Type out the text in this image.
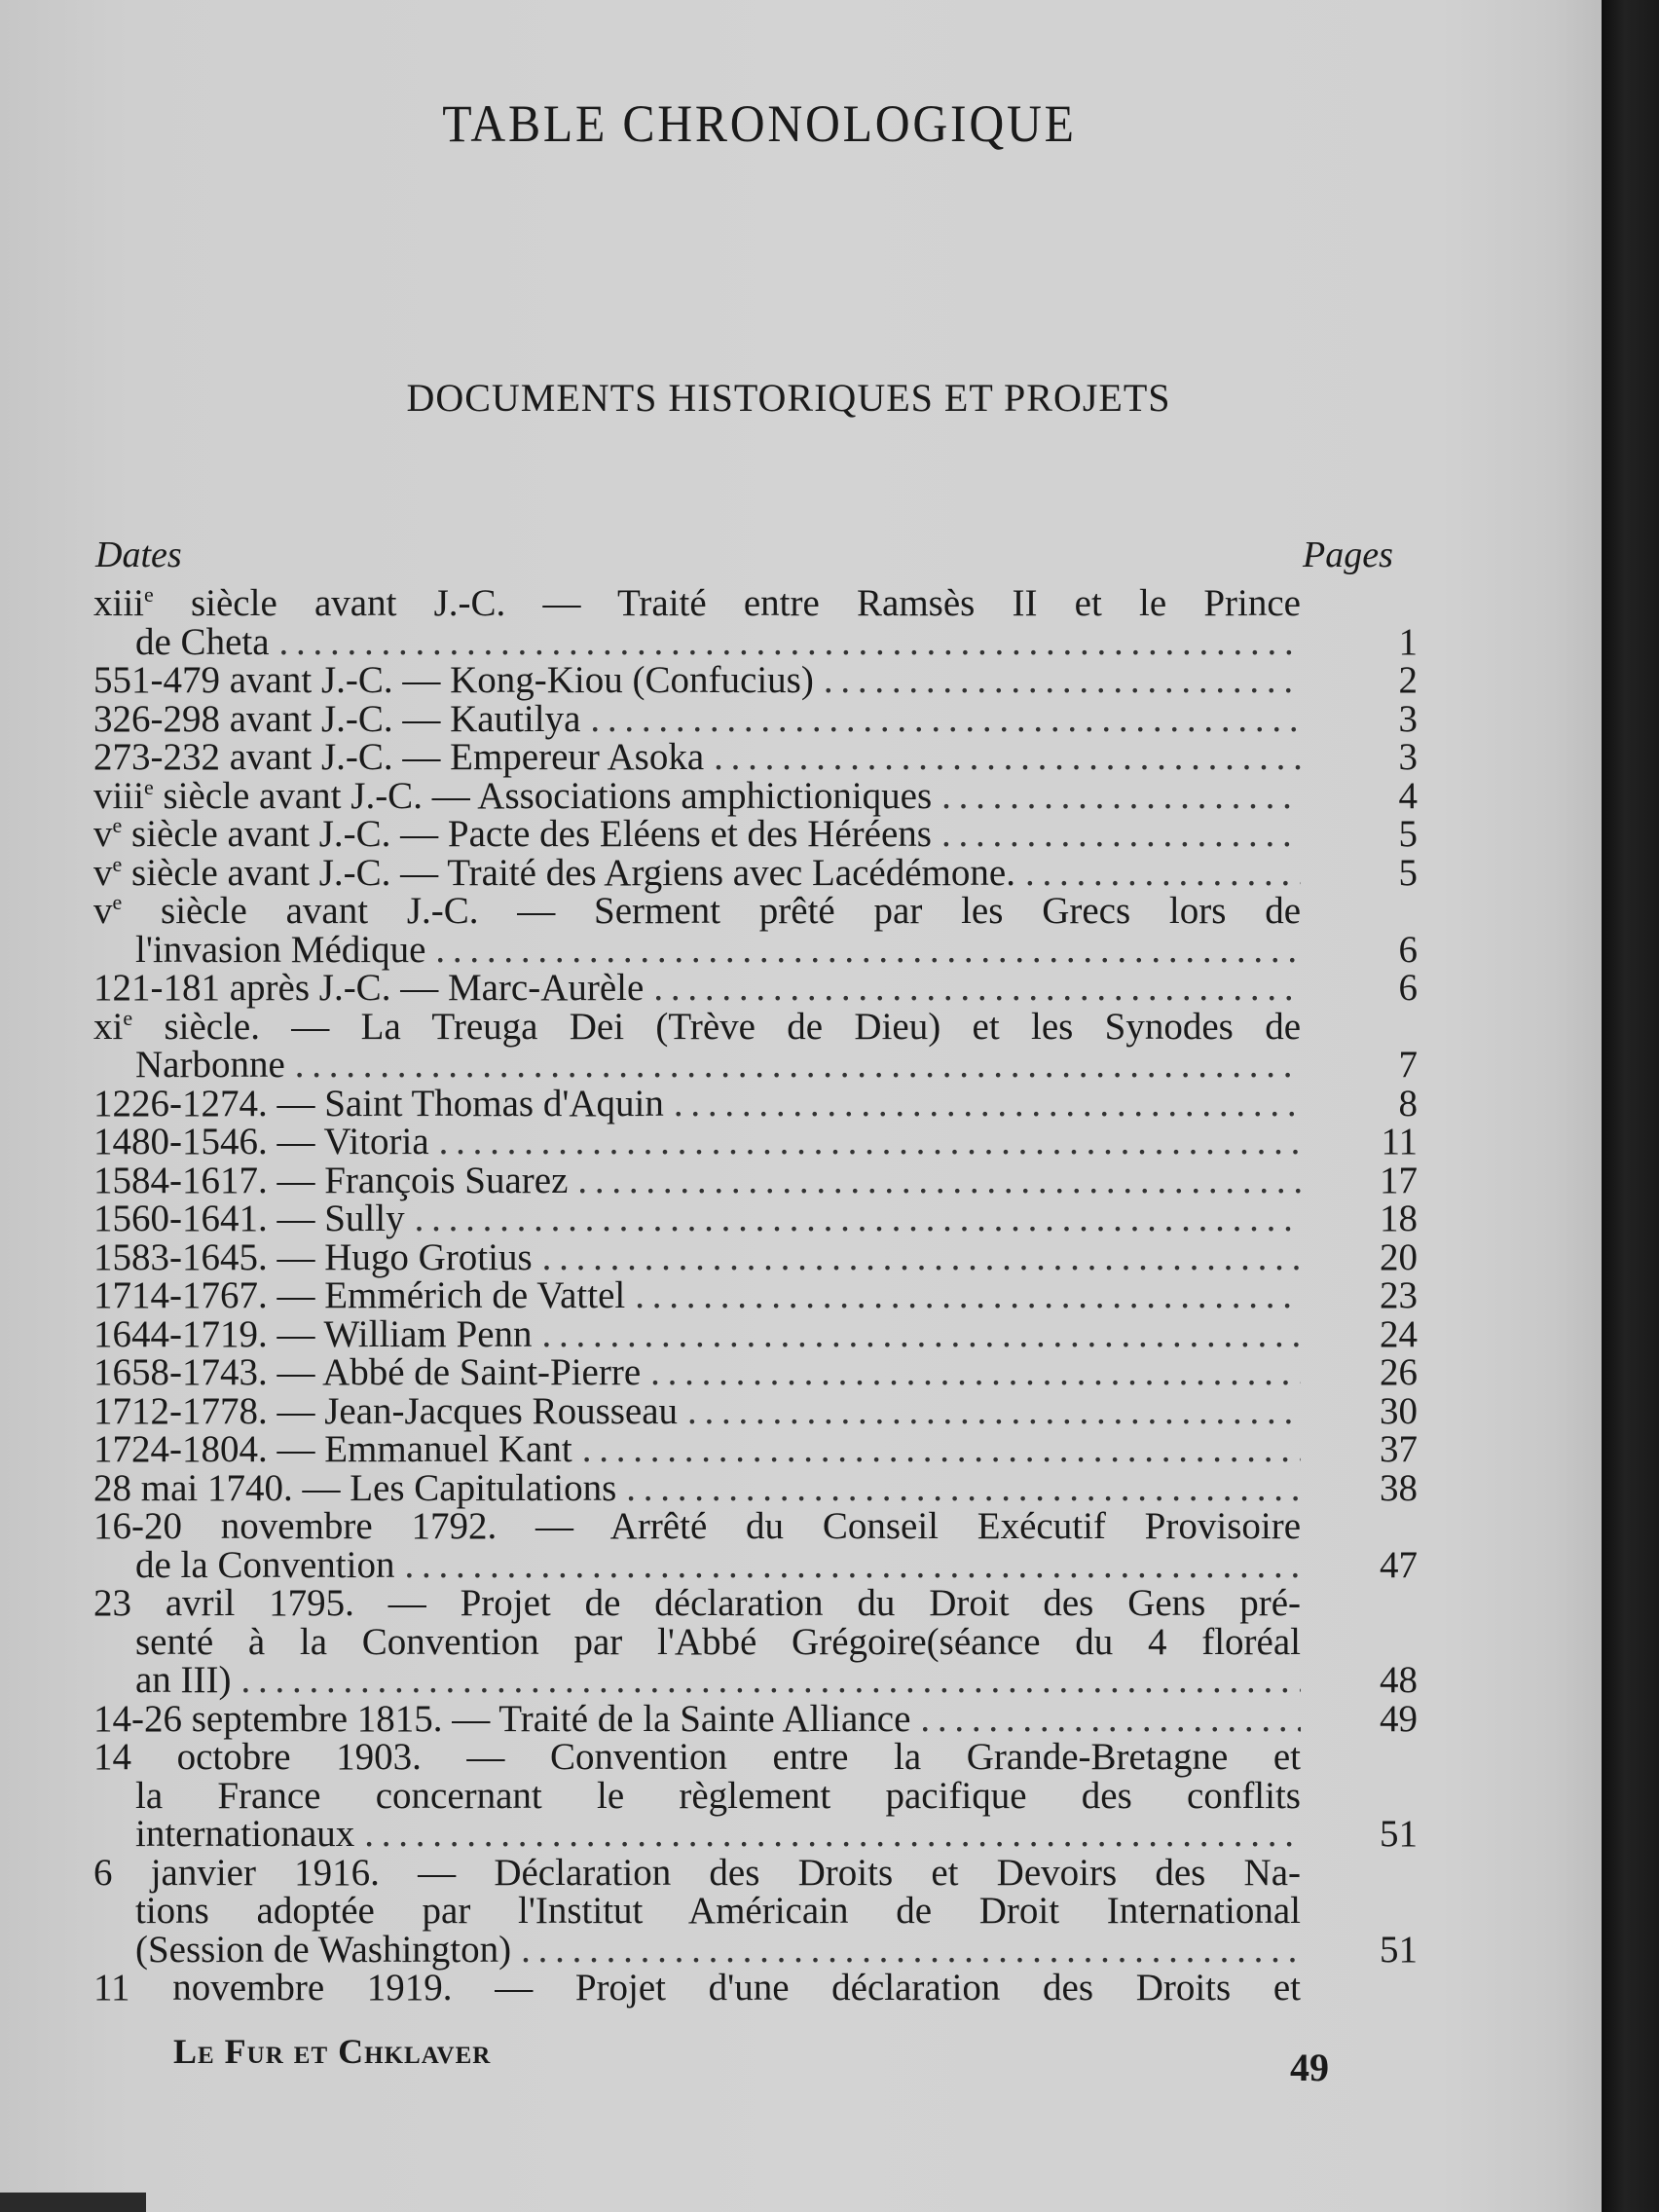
TABLE CHRONOLOGIQUE
DOCUMENTS HISTORIQUES ET PROJETS
Dates	Pages
xiii$^e$ siècle avant J.-C. — Traité entre Ramsès II et le Prince
de Cheta . . .	1
551-479 avant J.-C. — Kong-Kiou (Confucius) . . .	2
326-298 avant J.-C. — Kautilya . . .	3
273-232 avant J.-C. — Empereur Asoka . . .	3
viii$^e$ siècle avant J.-C. — Associations amphictioniques . . .	4
$v^e$ siècle avant J.-C. — Pacte des Eléens et des Héréens . . .	5
$v^e$ siècle avant J.-C. — Traité des Argiens avec Lacédémone. . . .	5
$v^e$ siècle avant J.-C. — Serment prêté par les Grecs lors de
l'invasion Médique . . .	6
121-181 après J.-C. — Marc-Aurèle . . .	6
$xi^e$ siècle. — La Treuga Dei (Trève de Dieu) et les Synodes de
Narbonne . . .	7
1226-1274. — Saint Thomas d'Aquin . . .	8
1480-1546. — Vitoria . . .	11
1584-1617. — François Suarez . . .	17
1560-1641. — Sully . . .	18
1583-1645. — Hugo Grotius . . .	20
1714-1767. — Emmérich de Vattel . . .	23
1644-1719. — William Penn . . .	24
1658-1743. — Abbé de Saint-Pierre . . .	26
1712-1778. — Jean-Jacques Rousseau . . .	30
1724-1804. — Emmanuel Kant . . .	37
28 mai 1740. — Les Capitulations . . .	38
16-20 novembre 1792. — Arrêté du Conseil Exécutif Provisoire
de la Convention . . .	47
23 avril 1795. — Projet de déclaration du Droit des Gens pré-
senté à la Convention par l'Abbé Grégoire(séance du 4 floréal
an III) . . .	48
14-26 septembre 1815. — Traité de la Sainte Alliance . . .	49
14 octobre 1903. — Convention entre la Grande-Bretagne et
la France concernant le règlement pacifique des conflits
internationaux . . .	51
6 janvier 1916. — Déclaration des Droits et Devoirs des Na-
tions adoptée par l'Institut Américain de Droit International
(Session de Washington) . . .	51
11 novembre 1919. — Projet d'une déclaration des Droits et
Le Fur et Chklaver	49
